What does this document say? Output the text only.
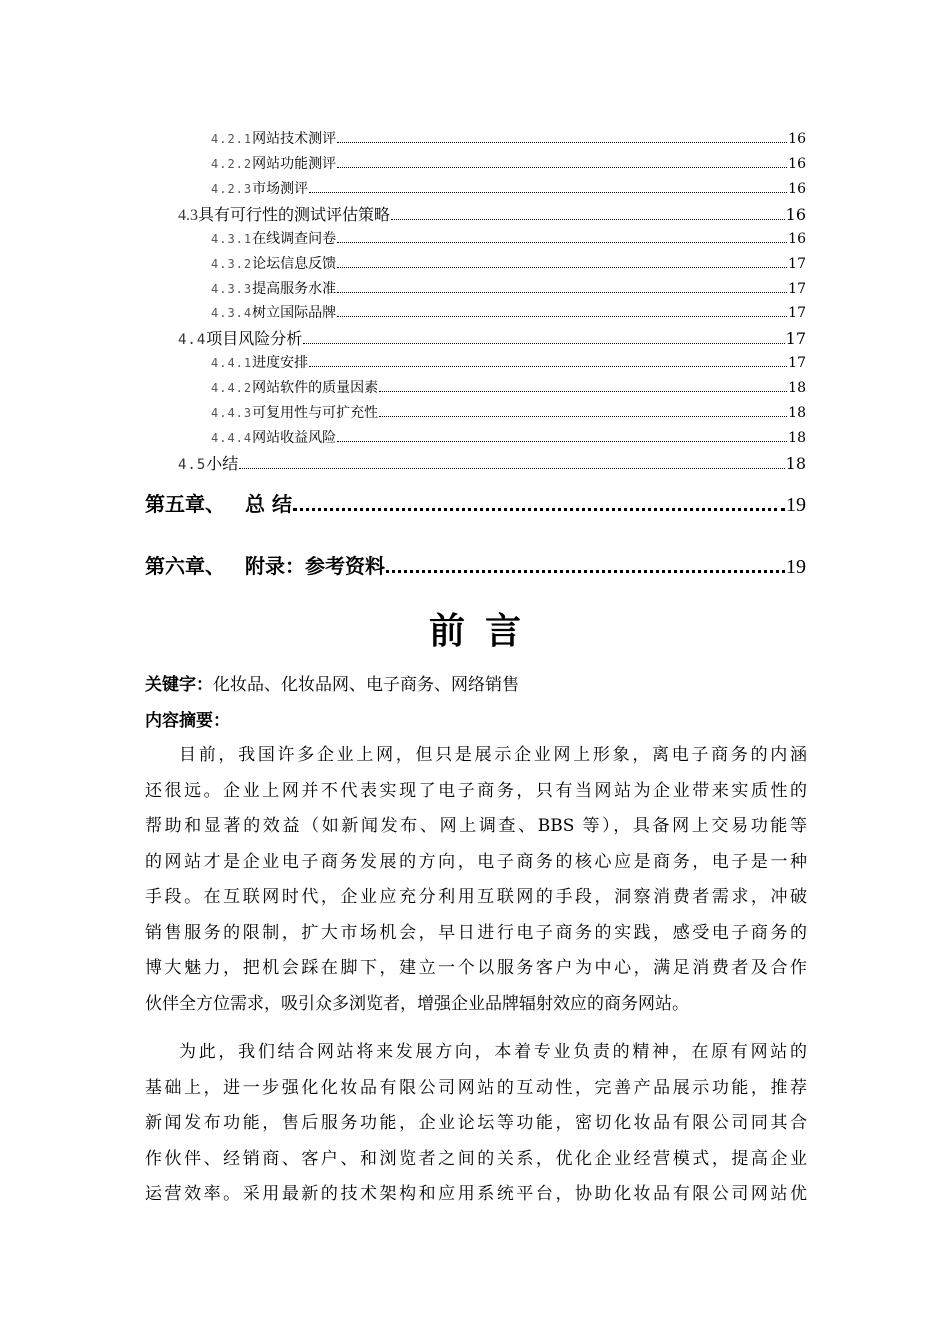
4.2.1 网站技术测评	16
4.2.2 网站功能测评	16
4.2.3 市场测评	16
4.3 具有可行性的测试评估策略	16
4.3.1 在线调查问卷	16
4.3.2 论坛信息反馈	17
4.3.3 提高服务水准	17
4.3.4 树立国际品牌	17
4.4 项目风险分析	17
4.4.1 进度安排	17
4.4.2 网站软件的质量因素	18
4.4.3 可复用性与可扩充性	18
4.4.4 网站收益风险	18
4.5 小结	18
第五章、 总 结	19
第六章、 附录：参考资料	19
前言
关键字：化妆品、化妆品网、电子商务、网络销售
内容摘要：
目前，我国许多企业上网，但只是展示企业网上形象，离电子商务的内涵
还很远。企业上网并不代表实现了电子商务，只有当网站为企业带来实质性的
帮助和显著的效益（如新闻发布、网上调查、BBS 等），具备网上交易功能等
的网站才是企业电子商务发展的方向，电子商务的核心应是商务，电子是一种
手段。在互联网时代，企业应充分利用互联网的手段，洞察消费者需求，冲破
销售服务的限制，扩大市场机会，早日进行电子商务的实践，感受电子商务的
博大魅力，把机会踩在脚下，建立一个以服务客户为中心，满足消费者及合作
伙伴全方位需求，吸引众多浏览者，增强企业品牌辐射效应的商务网站。
为此，我们结合网站将来发展方向，本着专业负责的精神，在原有网站的
基础上，进一步强化化妆品有限公司网站的互动性，完善产品展示功能，推荐
新闻发布功能，售后服务功能，企业论坛等功能，密切化妆品有限公司同其合
作伙伴、经销商、客户、和浏览者之间的关系，优化企业经营模式，提高企业
运营效率。采用最新的技术架构和应用系统平台，协助化妆品有限公司网站优
